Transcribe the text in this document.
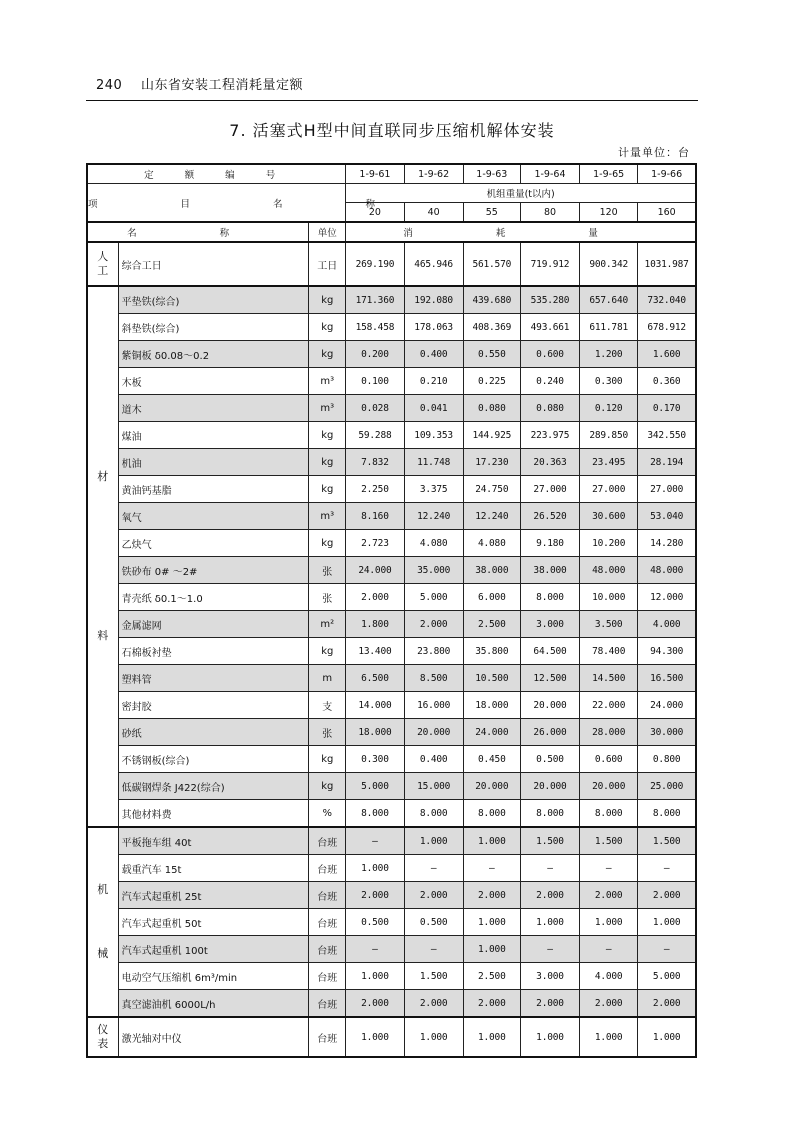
240 山东省安装工程消耗量定额
7. 活塞式H型中间直联同步压缩机解体安装
计量单位：台
定 额 编 号			1-9-61	1-9-62	1-9-63	1-9-64	1-9-65	1-9-66
项 目 名 称			机组重量(t以内)					
			20	40	55	80	120	160
名 称		单位	消 耗 量					

人
工	综合工日	工日	269.190	465.946	561.570	719.912	900.342	1031.987

材
料	平垫铁(综合)	kg	171.360	192.080	439.680	535.280	657.640	732.040
	斜垫铁(综合)	kg	158.458	178.063	408.369	493.661	611.781	678.912
	紫铜板 δ0.08～0.2	kg	0.200	0.400	0.550	0.600	1.200	1.600
	木板	m³	0.100	0.210	0.225	0.240	0.300	0.360
	道木	m³	0.028	0.041	0.080	0.080	0.120	0.170
	煤油	kg	59.288	109.353	144.925	223.975	289.850	342.550
	机油	kg	7.832	11.748	17.230	20.363	23.495	28.194
	黄油钙基脂	kg	2.250	3.375	24.750	27.000	27.000	27.000
	氧气	m³	8.160	12.240	12.240	26.520	30.600	53.040
	乙炔气	kg	2.723	4.080	4.080	9.180	10.200	14.280
	铁砂布 0# ～2#	张	24.000	35.000	38.000	38.000	48.000	48.000
	青壳纸 δ0.1～1.0	张	2.000	5.000	6.000	8.000	10.000	12.000
	金属滤网	m²	1.800	2.000	2.500	3.000	3.500	4.000
	石棉板衬垫	kg	13.400	23.800	35.800	64.500	78.400	94.300
	塑料管	m	6.500	8.500	10.500	12.500	14.500	16.500
	密封胶	支	14.000	16.000	18.000	20.000	22.000	24.000
	砂纸	张	18.000	20.000	24.000	26.000	28.000	30.000
	不锈钢板(综合)	kg	0.300	0.400	0.450	0.500	0.600	0.800
	低碳钢焊条 J422(综合)	kg	5.000	15.000	20.000	20.000	20.000	25.000
	其他材料费	%	8.000	8.000	8.000	8.000	8.000	8.000

机
械	平板拖车组 40t	台班	—	1.000	1.000	1.500	1.500	1.500
	载重汽车 15t	台班	1.000	—	—	—	—	—
	汽车式起重机 25t	台班	2.000	2.000	2.000	2.000	2.000	2.000
	汽车式起重机 50t	台班	0.500	0.500	1.000	1.000	1.000	1.000
	汽车式起重机 100t	台班	—	—	1.000	—	—	—
	电动空气压缩机 6m³/min	台班	1.000	1.500	2.500	3.000	4.000	5.000
	真空滤油机 6000L/h	台班	2.000	2.000	2.000	2.000	2.000	2.000

仪
表	激光轴对中仪	台班	1.000	1.000	1.000	1.000	1.000	1.000
